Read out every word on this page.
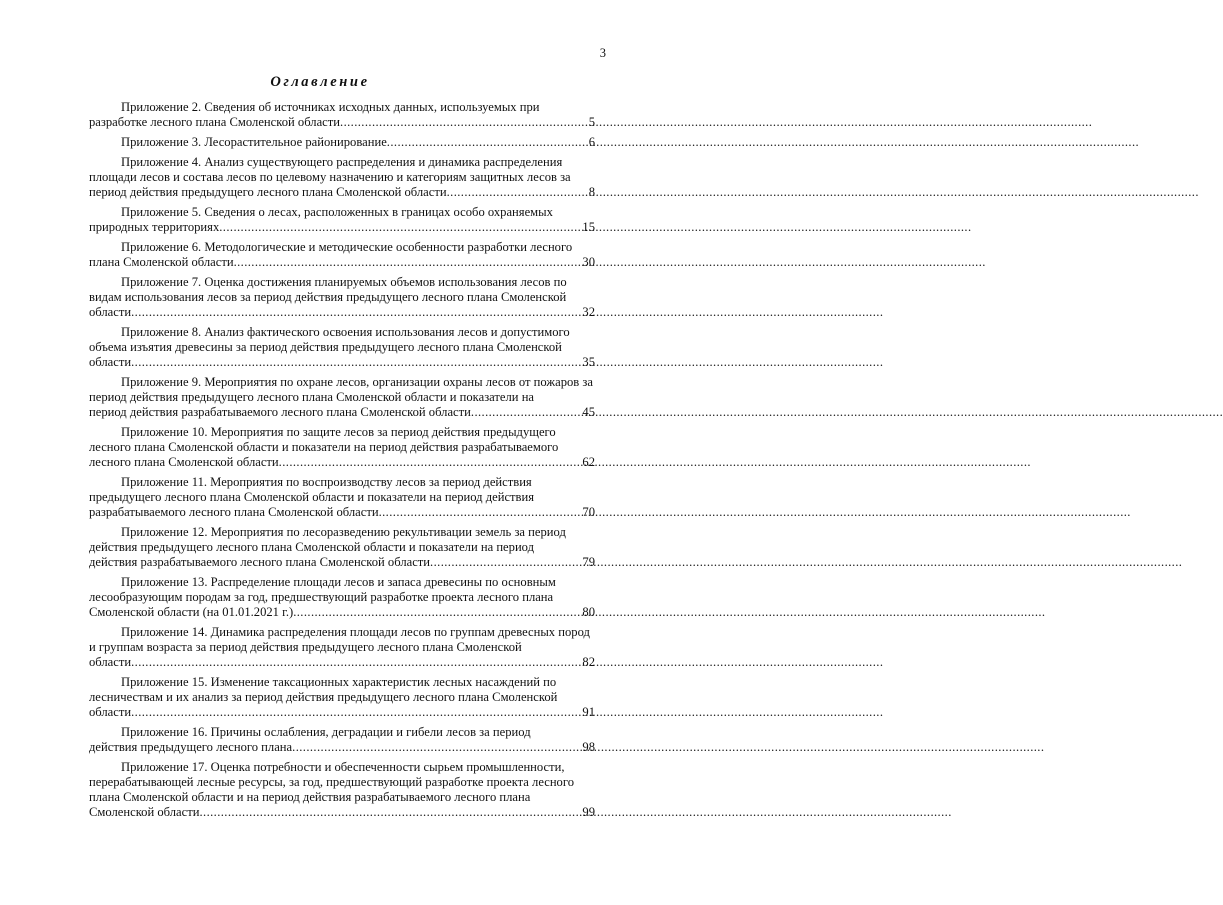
3
Оглавление
Приложение 2. Сведения об источниках исходных данных, используемых при
разработке лесного плана Смоленской области .....	5
Приложение 3. Лесорастительное районирование .....	6
Приложение 4. Анализ существующего распределения и динамика распределения площади лесов и состава лесов по целевому назначению и категориям защитных лесов за
период действия предыдущего лесного плана Смоленской области .....	8
Приложение 5. Сведения о лесах, расположенных в границах особо охраняемых
природных территориях .....	15
Приложение 6. Методологические и методические особенности разработки лесного
плана Смоленской области .....	30
Приложение 7. Оценка достижения планируемых объемов использования лесов по видам использования лесов за период действия предыдущего лесного плана Смоленской
области .....	32
Приложение 8. Анализ фактического освоения использования лесов и допустимого объема изъятия древесины за период действия предыдущего лесного плана Смоленской
области .....	35
Приложение 9. Мероприятия по охране лесов, организации охраны лесов от пожаров за период действия предыдущего лесного плана Смоленской области и показатели на
период действия разрабатываемого лесного плана Смоленской области .....	45
Приложение 10. Мероприятия по защите лесов за период действия предыдущего лесного плана Смоленской области и показатели на период действия разрабатываемого
лесного плана Смоленской области .....	62
Приложение 11. Мероприятия по воспроизводству лесов за период действия предыдущего лесного плана Смоленской области и показатели на период действия
разрабатываемого лесного плана Смоленской области .....	70
Приложение 12. Мероприятия по лесоразведению рекультивации земель за период действия предыдущего лесного плана Смоленской области и показатели на период
действия разрабатываемого лесного плана Смоленской области .....	79
Приложение 13. Распределение площади лесов и запаса древесины по основным лесообразующим породам за год, предшествующий разработке проекта лесного плана
Смоленской области (на 01.01.2021 г.) .....	80
Приложение 14. Динамика распределения площади лесов по группам древесных пород и группам возраста за период действия предыдущего лесного плана Смоленской
области .....	82
Приложение 15. Изменение таксационных характеристик лесных насаждений по лесничествам и их анализ за период действия предыдущего лесного плана Смоленской
области .....	91
Приложение 16. Причины ослабления, деградации и гибели лесов за период
действия предыдущего лесного плана .....	98
Приложение 17. Оценка потребности и обеспеченности сырьем промышленности, перерабатывающей лесные ресурсы, за год, предшествующий разработке проекта лесного плана Смоленской области и на период действия разрабатываемого лесного плана
Смоленской области .....	99
